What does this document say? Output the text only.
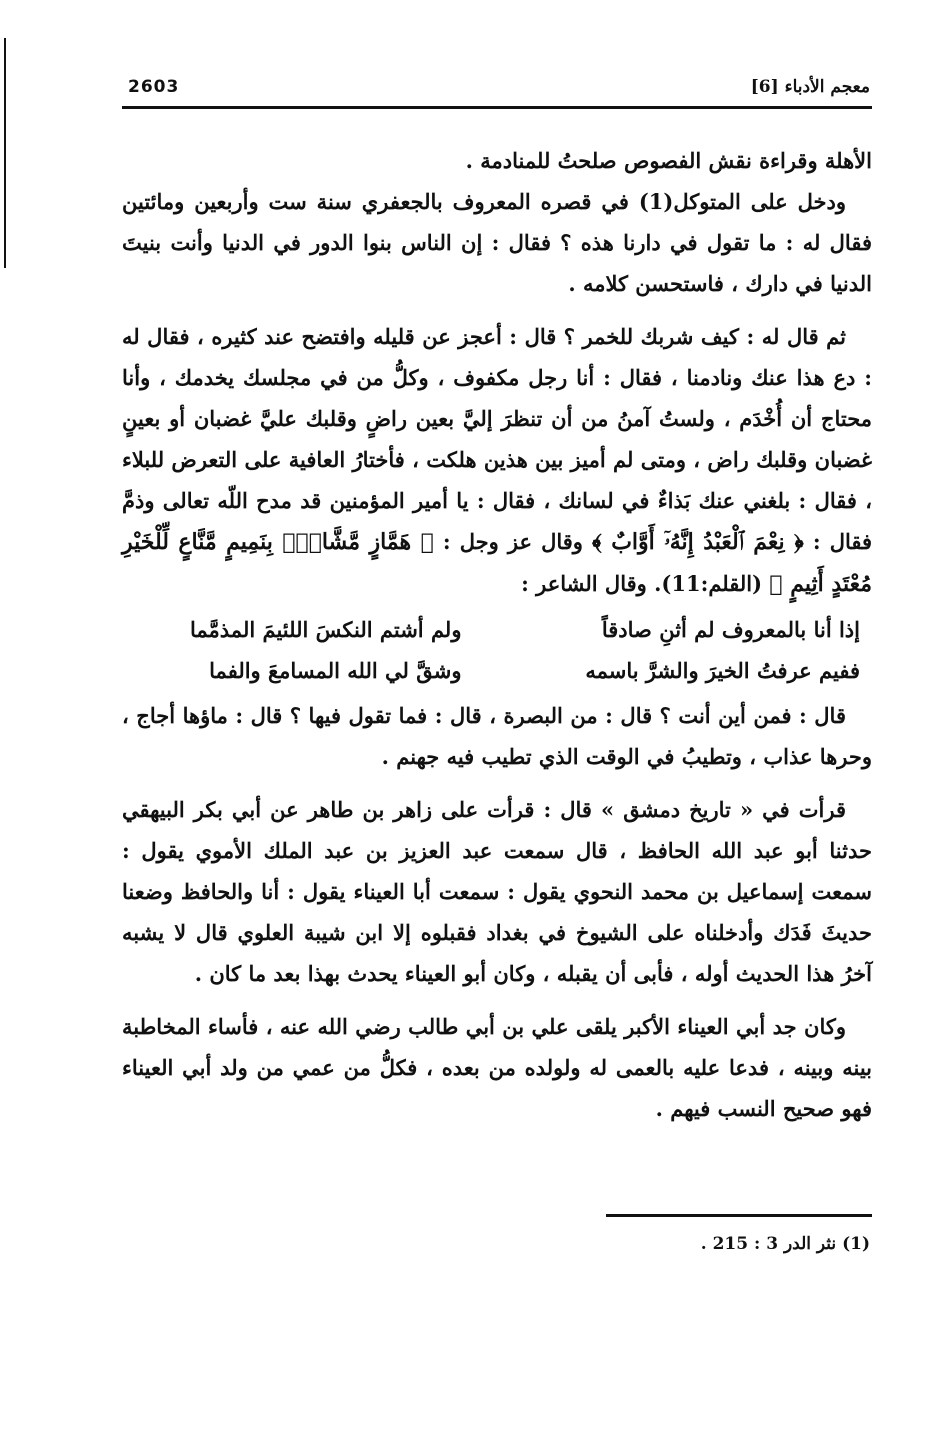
2603	معجم الأدباء [6]

الأهلة وقراءة نقش الفصوص صلحتُ للمنادمة .

ودخل على المتوكل(1) في قصره المعروف بالجعفري سنة ست وأربعين ومائتين فقال له : ما تقول في دارنا هذه ؟ فقال : إن الناس بنوا الدور في الدنيا وأنت بنيتَ الدنيا في دارك ، فاستحسن كلامه .

ثم قال له : كيف شربك للخمر ؟ قال : أعجز عن قليله وافتضح عند كثيره ، فقال له : دع هذا عنك ونادمنا ، فقال : أنا رجل مكفوف ، وكلُّ من في مجلسك يخدمك ، وأنا محتاج أن أُخْدَم ، ولستُ آمنُ من أن تنظرَ إليَّ بعين راضٍ وقلبك عليَّ غضبان أو بعينٍ غضبان وقلبك راض ، ومتى لم أميز بين هذين هلكت ، فأختارُ العافية على التعرض للبلاء ، فقال : بلغني عنك بَذاءٌ في لسانك ، فقال : يا أمير المؤمنين قد مدح اللّه تعالى وذمَّ فقال : ﴿ نِعْمَ ٱلْعَبْدُ إِنَّهُۥٓ أَوَّابٌ ﴾ وقال عز وجل : ﴿ هَمَّازٍ مَّشَّاءٍۭ بِنَمِيمٍ مَّنَّاعٍ لِّلْخَيْرِ مُعْتَدٍ أَثِيمٍ ﴾ (القلم:11). وقال الشاعر :

إذا أنا بالمعروف لم أثنِ صادقاً
ولم أشتم النكسَ اللئيمَ المذمَّما
ففيم عرفتُ الخيرَ والشرَّ باسمه
وشقَّ لي الله المسامعَ والفما

قال : فمن أين أنت ؟ قال : من البصرة ، قال : فما تقول فيها ؟ قال : ماؤها أجاج ، وحرها عذاب ، وتطيبُ في الوقت الذي تطيب فيه جهنم .

قرأت في « تاريخ دمشق » قال : قرأت على زاهر بن طاهر عن أبي بكر البيهقي حدثنا أبو عبد الله الحافظ ، قال سمعت عبد العزيز بن عبد الملك الأموي يقول : سمعت إسماعيل بن محمد النحوي يقول : سمعت أبا العيناء يقول : أنا والحافظ وضعنا حديثَ فَدَك وأدخلناه على الشيوخ في بغداد فقبلوه إلا ابن شيبة العلوي قال لا يشبه آخرُ هذا الحديث أوله ، فأبى أن يقبله ، وكان أبو العيناء يحدث بهذا بعد ما كان .

وكان جد أبي العيناء الأكبر يلقى علي بن أبي طالب رضي الله عنه ، فأساء المخاطبة بينه وبينه ، فدعا عليه بالعمى له ولولده من بعده ، فكلُّ من عمي من ولد أبي العيناء فهو صحيح النسب فيهم .

(1) نثر الدر 3 : 215 .
